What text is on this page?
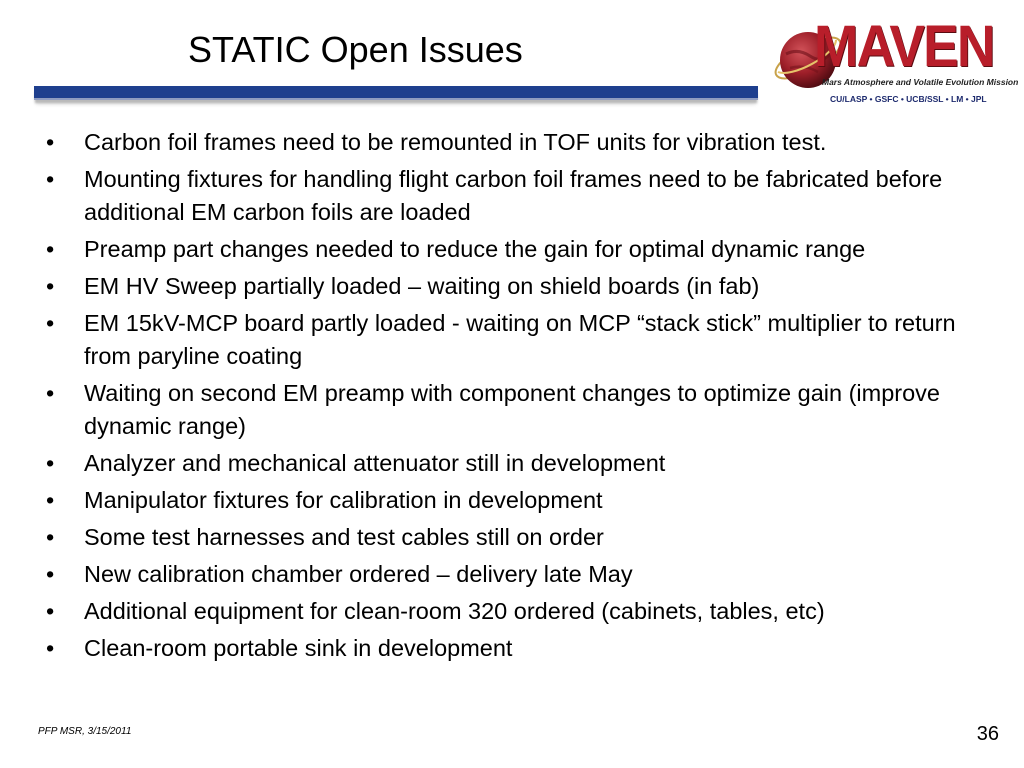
STATIC Open Issues	MAVEN
Mars Atmosphere and Volatile Evolution Mission
CU/LASP • GSFC • UCB/SSL • LM • JPL
• Carbon foil frames need to be remounted in TOF units for vibration test.
• Mounting fixtures for handling flight carbon foil frames need to be fabricated before additional EM carbon foils are loaded
• Preamp part changes needed to reduce the gain for optimal dynamic range
• EM HV Sweep partially loaded – waiting on shield boards (in fab)
• EM 15kV-MCP board partly loaded - waiting on MCP “stack stick” multiplier to return from paryline coating
• Waiting on second EM preamp with component changes to optimize gain (improve dynamic range)
• Analyzer and mechanical attenuator still in development
• Manipulator fixtures for calibration in development
• Some test harnesses and test cables still on order
• New calibration chamber ordered – delivery late May
• Additional equipment for clean-room 320 ordered (cabinets, tables, etc)
• Clean-room portable sink in development
PFP MSR, 3/15/2011	36
